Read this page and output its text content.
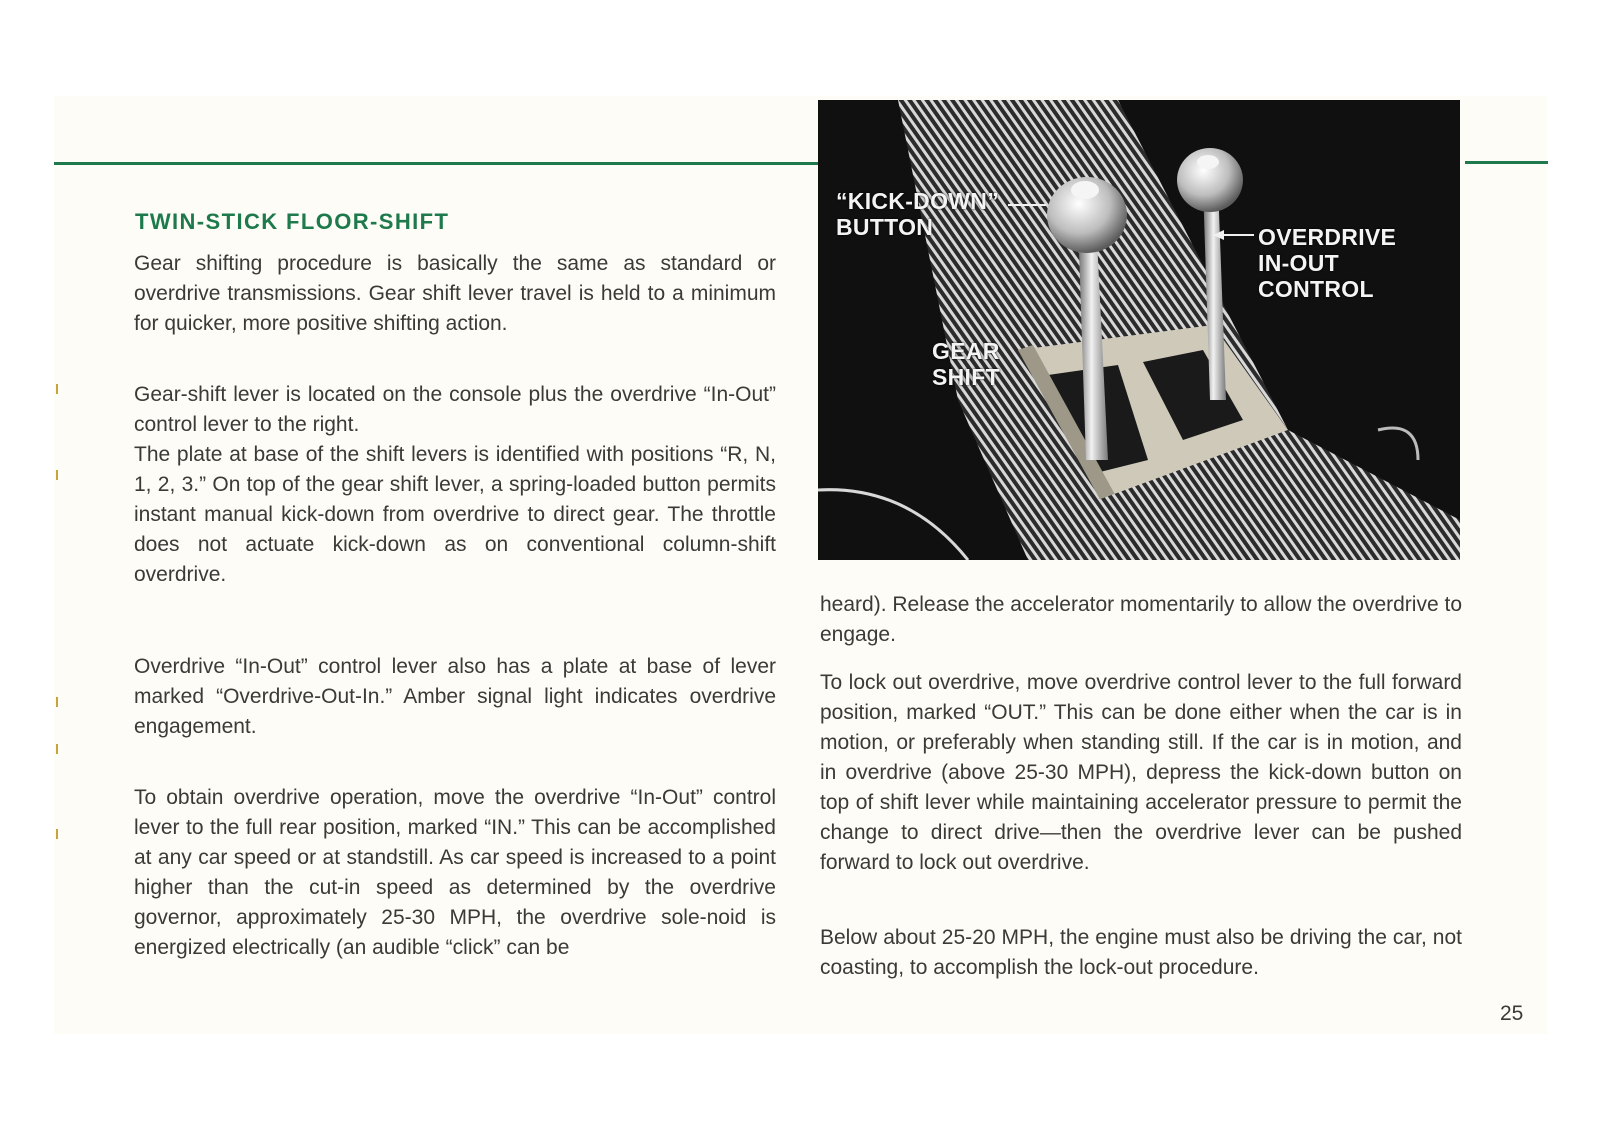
TWIN-STICK FLOOR-SHIFT

Gear shifting procedure is basically the same as standard or overdrive transmissions. Gear shift lever travel is held to a minimum for quicker, more positive shifting action.

Gear-shift lever is located on the console plus the overdrive “In-Out” control lever to the right.

The plate at base of the shift levers is identified with positions “R, N, 1, 2, 3.” On top of the gear shift lever, a spring-loaded button permits instant manual kick-down from overdrive to direct gear. The throttle does not actuate kick-down as on conventional column-shift overdrive.

Overdrive “In-Out” control lever also has a plate at base of lever marked “Overdrive-Out-In.” Amber signal light indicates overdrive engagement.

To obtain overdrive operation, move the overdrive “In-Out” control lever to the full rear position, marked “IN.” This can be accomplished at any car speed or at standstill. As car speed is increased to a point higher than the cut-in speed as determined by the overdrive governor, approximately 25-30 MPH, the overdrive sole-noid is energized electrically (an audible “click” can be

“KICK-DOWN”
BUTTON
GEAR
SHIFT
OVERDRIVE
IN-OUT
CONTROL

heard). Release the accelerator momentarily to allow the overdrive to engage.

To lock out overdrive, move overdrive control lever to the full forward position, marked “OUT.” This can be done either when the car is in motion, or preferably when standing still. If the car is in motion, and in overdrive (above 25-30 MPH), depress the kick-down button on top of shift lever while maintaining accelerator pressure to permit the change to direct drive—then the overdrive lever can be pushed forward to lock out overdrive.

Below about 25-20 MPH, the engine must also be driving the car, not coasting, to accomplish the lock-out procedure.

25
